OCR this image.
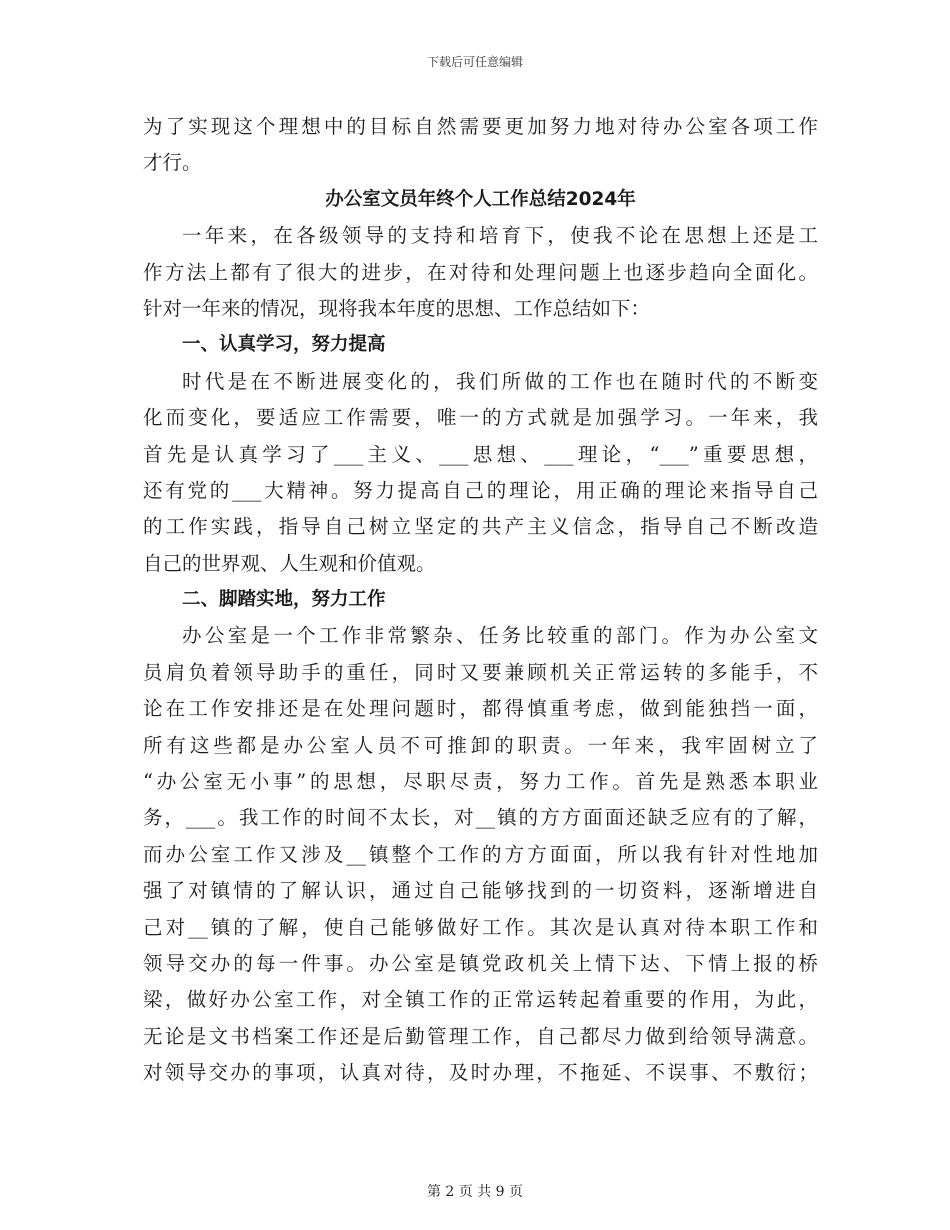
下载后可任意编辑
为了实现这个理想中的目标自然需要更加努力地对待办公室各项工作
才行。
办公室文员年终个人工作总结2024年
一年来，在各级领导的支持和培育下，使我不论在思想上还是工
作方法上都有了很大的进步，在对待和处理问题上也逐步趋向全面化。
针对一年来的情况，现将我本年度的思想、工作总结如下：
一、认真学习，努力提高
时代是在不断进展变化的，我们所做的工作也在随时代的不断变
化而变化，要适应工作需要，唯一的方式就是加强学习。一年来，我
首先是认真学习了___主义、___思想、___理论，“___”重要思想，
还有党的___大精神。努力提高自己的理论，用正确的理论来指导自己
的工作实践，指导自己树立坚定的共产主义信念，指导自己不断改造
自己的世界观、人生观和价值观。
二、脚踏实地，努力工作
办公室是一个工作非常繁杂、任务比较重的部门。作为办公室文
员肩负着领导助手的重任，同时又要兼顾机关正常运转的多能手，不
论在工作安排还是在处理问题时，都得慎重考虑，做到能独挡一面，
所有这些都是办公室人员不可推卸的职责。一年来，我牢固树立了
“办公室无小事”的思想，尽职尽责，努力工作。首先是熟悉本职业
务，___。我工作的时间不太长，对__镇的方方面面还缺乏应有的了解，
而办公室工作又涉及__镇整个工作的方方面面，所以我有针对性地加
强了对镇情的了解认识，通过自己能够找到的一切资料，逐渐增进自
己对__镇的了解，使自己能够做好工作。其次是认真对待本职工作和
领导交办的每一件事。办公室是镇党政机关上情下达、下情上报的桥
梁，做好办公室工作，对全镇工作的正常运转起着重要的作用，为此，
无论是文书档案工作还是后勤管理工作，自己都尽力做到给领导满意。
对领导交办的事项，认真对待，及时办理，不拖延、不误事、不敷衍；
第 2 页 共 9 页
